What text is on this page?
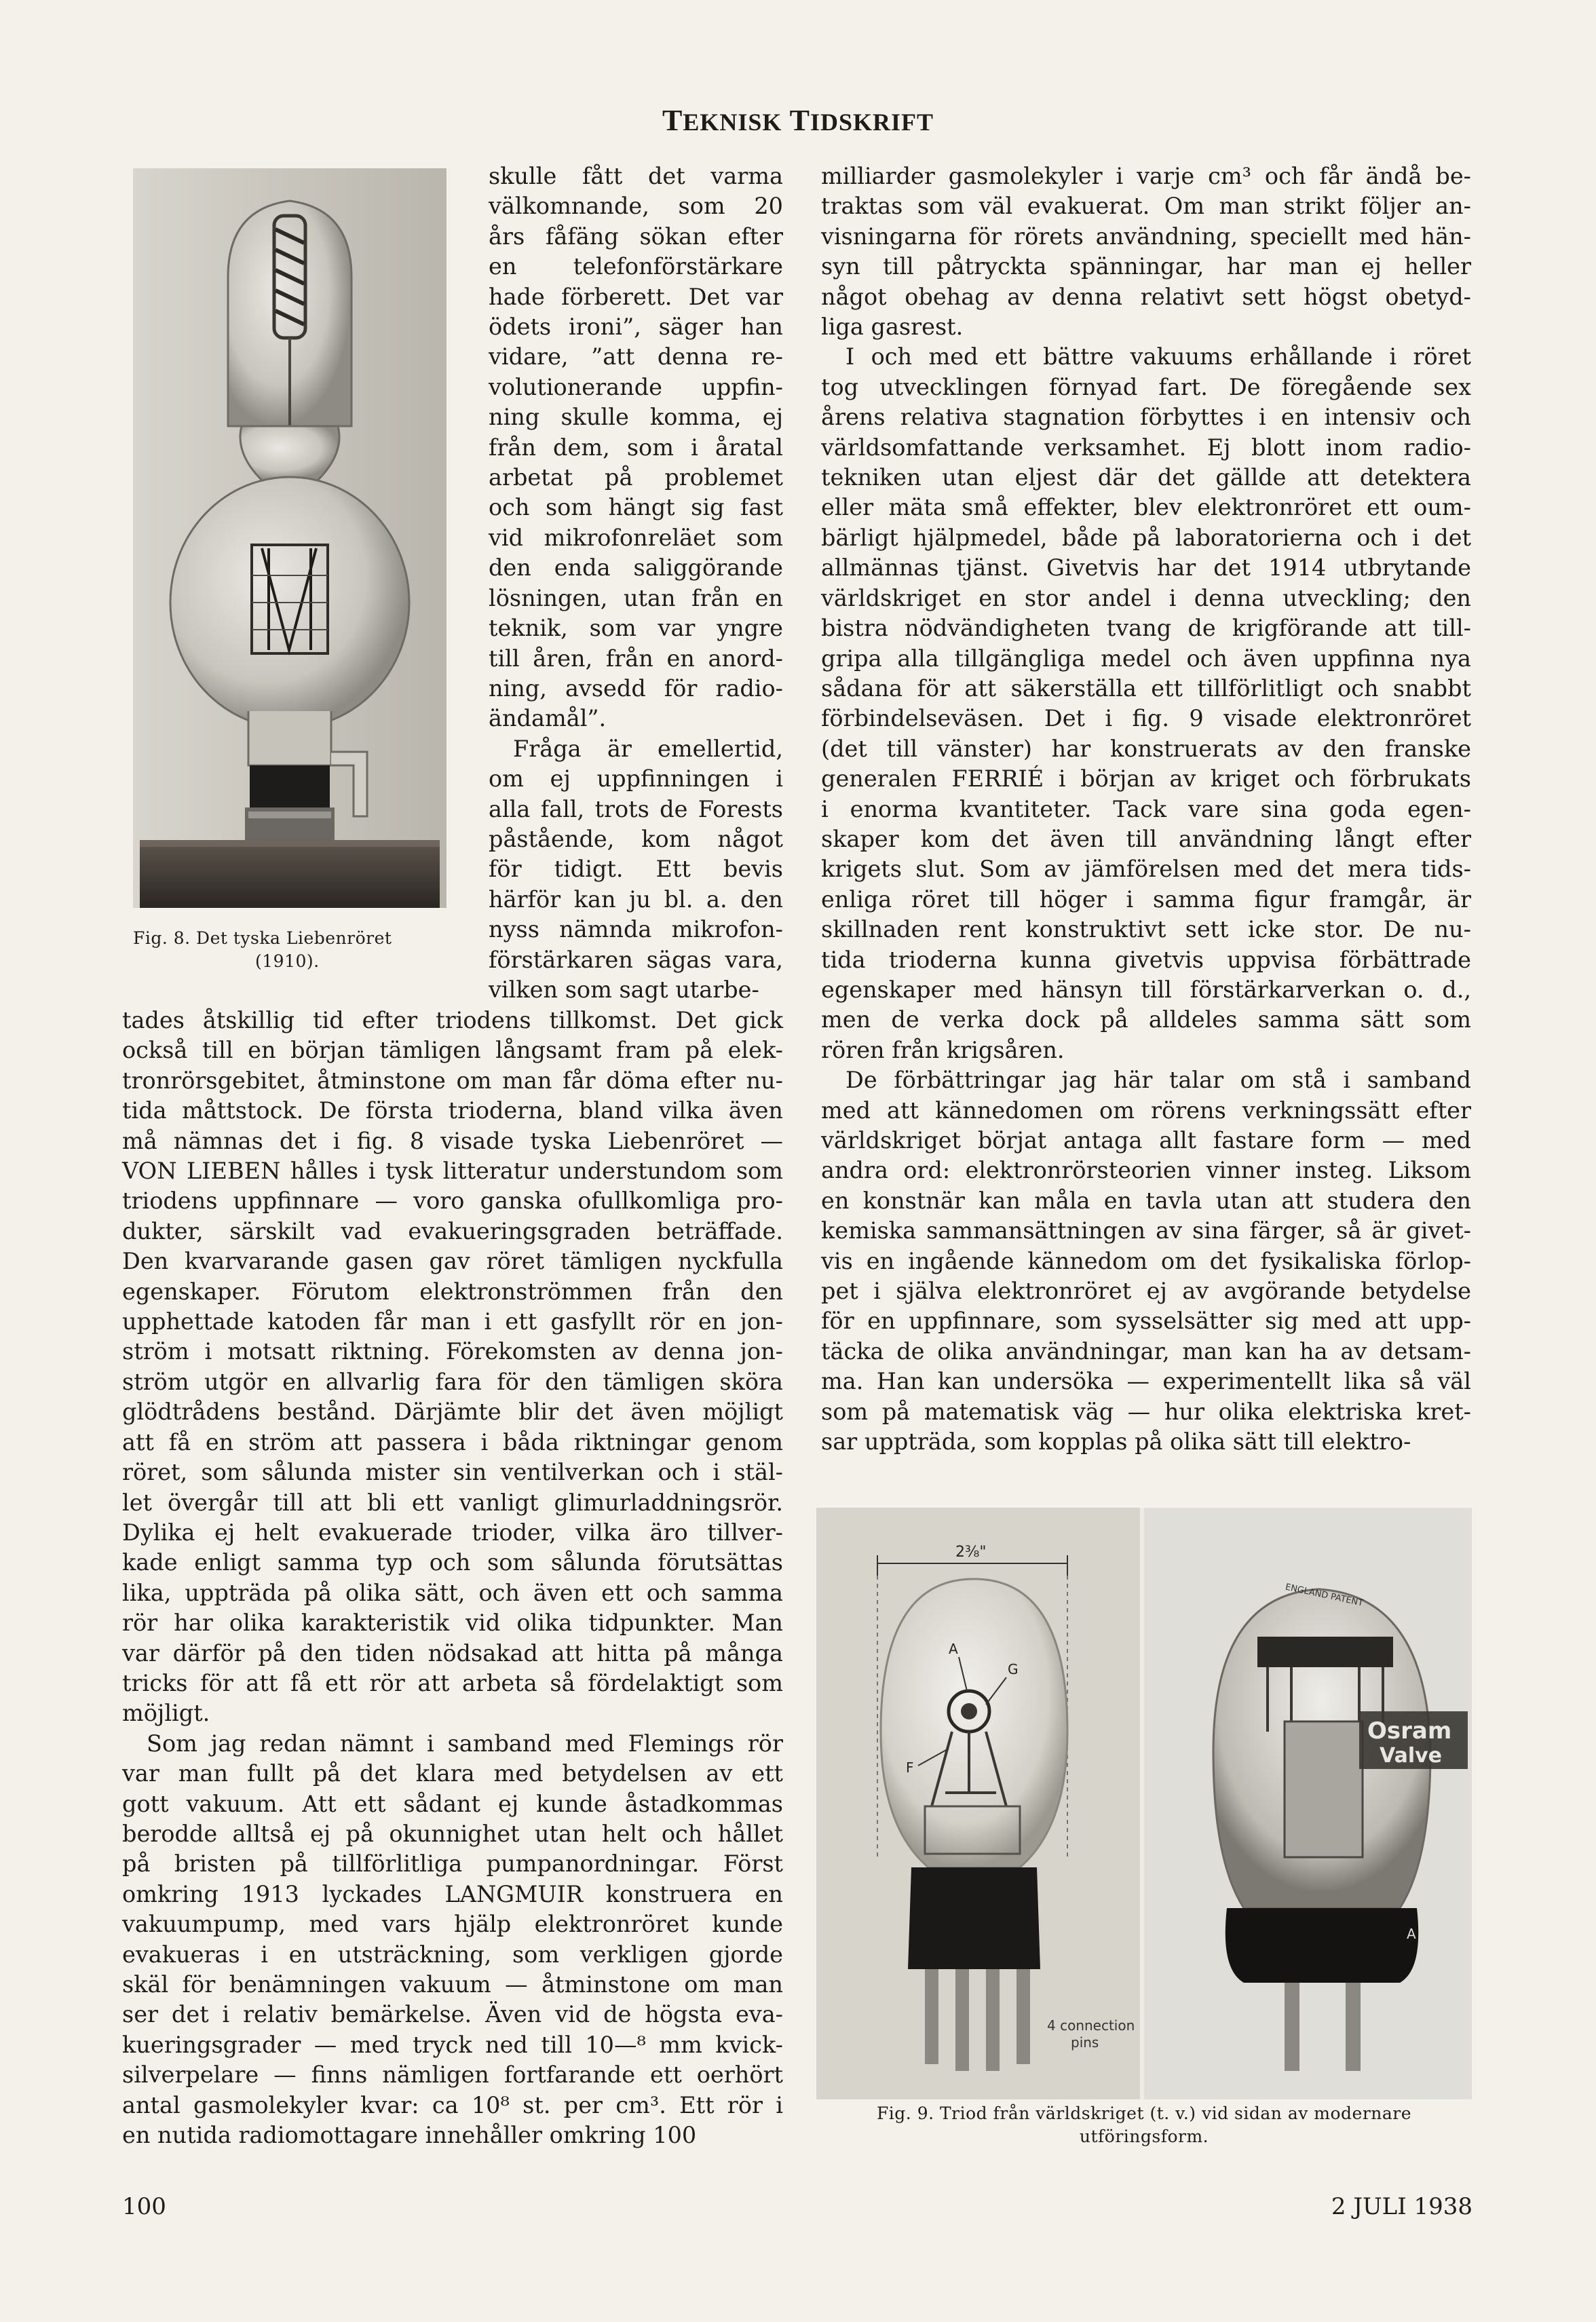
TEKNISK TIDSKRIFT
Fig. 8. Det tyska Liebenröret
(1910).
skulle fått det varma
välkomnande, som 20
års fåfäng sökan efter
en telefonförstärkare
hade förberett. Det var
ödets ironi”, säger han
vidare, ”att denna re-
volutionerande uppfin-
ning skulle komma, ej
från dem, som i åratal
arbetat på problemet
och som hängt sig fast
vid mikrofonreläet som
den enda saliggörande
lösningen, utan från en
teknik, som var yngre
till åren, från en anord-
ning, avsedd för radio-
ändamål”.
Fråga är emellertid,
om ej uppfinningen i
alla fall, trots de Forests
påstående, kom något
för tidigt. Ett bevis
härför kan ju bl. a. den
nyss nämnda mikrofon-
förstärkaren sägas vara,
vilken som sagt utarbe-
tades åtskillig tid efter triodens tillkomst. Det gick
också till en början tämligen långsamt fram på elek-
tronrörsgebitet, åtminstone om man får döma efter nu-
tida måttstock. De första trioderna, bland vilka även
må nämnas det i fig. 8 visade tyska Liebenröret —
VON LIEBEN hålles i tysk litteratur understundom som
triodens uppfinnare — voro ganska ofullkomliga pro-
dukter, särskilt vad evakueringsgraden beträffade.
Den kvarvarande gasen gav röret tämligen nyckfulla
egenskaper. Förutom elektronströmmen från den
upphettade katoden får man i ett gasfyllt rör en jon-
ström i motsatt riktning. Förekomsten av denna jon-
ström utgör en allvarlig fara för den tämligen sköra
glödtrådens bestånd. Därjämte blir det även möjligt
att få en ström att passera i båda riktningar genom
röret, som sålunda mister sin ventilverkan och i stäl-
let övergår till att bli ett vanligt glimurladdningsrör.
Dylika ej helt evakuerade trioder, vilka äro tillver-
kade enligt samma typ och som sålunda förutsättas
lika, uppträda på olika sätt, och även ett och samma
rör har olika karakteristik vid olika tidpunkter. Man
var därför på den tiden nödsakad att hitta på många
tricks för att få ett rör att arbeta så fördelaktigt som
möjligt.
Som jag redan nämnt i samband med Flemings rör
var man fullt på det klara med betydelsen av ett
gott vakuum. Att ett sådant ej kunde åstadkommas
berodde alltså ej på okunnighet utan helt och hållet
på bristen på tillförlitliga pumpanordningar. Först
omkring 1913 lyckades LANGMUIR konstruera en
vakuumpump, med vars hjälp elektronröret kunde
evakueras i en utsträckning, som verkligen gjorde
skäl för benämningen vakuum — åtminstone om man
ser det i relativ bemärkelse. Även vid de högsta eva-
kueringsgrader — med tryck ned till 10—⁸ mm kvick-
silverpelare — finns nämligen fortfarande ett oerhört
antal gasmolekyler kvar: ca 10⁸ st. per cm³. Ett rör i
en nutida radiomottagare innehåller omkring 100
milliarder gasmolekyler i varje cm³ och får ändå be-
traktas som väl evakuerat. Om man strikt följer an-
visningarna för rörets användning, speciellt med hän-
syn till påtryckta spänningar, har man ej heller
något obehag av denna relativt sett högst obetyd-
liga gasrest.
I och med ett bättre vakuums erhållande i röret
tog utvecklingen förnyad fart. De föregående sex
årens relativa stagnation förbyttes i en intensiv och
världsomfattande verksamhet. Ej blott inom radio-
tekniken utan eljest där det gällde att detektera
eller mäta små effekter, blev elektronröret ett oum-
bärligt hjälpmedel, både på laboratorierna och i det
allmännas tjänst. Givetvis har det 1914 utbrytande
världskriget en stor andel i denna utveckling; den
bistra nödvändigheten tvang de krigförande att till-
gripa alla tillgängliga medel och även uppfinna nya
sådana för att säkerställa ett tillförlitligt och snabbt
förbindelseväsen. Det i fig. 9 visade elektronröret
(det till vänster) har konstruerats av den franske
generalen FERRIÉ i början av kriget och förbrukats
i enorma kvantiteter. Tack vare sina goda egen-
skaper kom det även till användning långt efter
krigets slut. Som av jämförelsen med det mera tids-
enliga röret till höger i samma figur framgår, är
skillnaden rent konstruktivt sett icke stor. De nu-
tida trioderna kunna givetvis uppvisa förbättrade
egenskaper med hänsyn till förstärkarverkan o. d.,
men de verka dock på alldeles samma sätt som
rören från krigsåren.
De förbättringar jag här talar om stå i samband
med att kännedomen om rörens verkningssätt efter
världskriget börjat antaga allt fastare form — med
andra ord: elektronrörsteorien vinner insteg. Liksom
en konstnär kan måla en tavla utan att studera den
kemiska sammansättningen av sina färger, så är givet-
vis en ingående kännedom om det fysikaliska förlop-
pet i själva elektronröret ej av avgörande betydelse
för en uppfinnare, som sysselsätter sig med att upp-
täcka de olika användningar, man kan ha av detsam-
ma. Han kan undersöka — experimentellt lika så väl
som på matematisk väg — hur olika elektriska kret-
sar uppträda, som kopplas på olika sätt till elektro-
2⅜"
A
G
F
4 connection
pins
ENGLAND PATENT
Osram
Valve
A
Fig. 9. Triod från världskriget (t. v.) vid sidan av modernare
utföringsform.
100	2 JULI 1938
